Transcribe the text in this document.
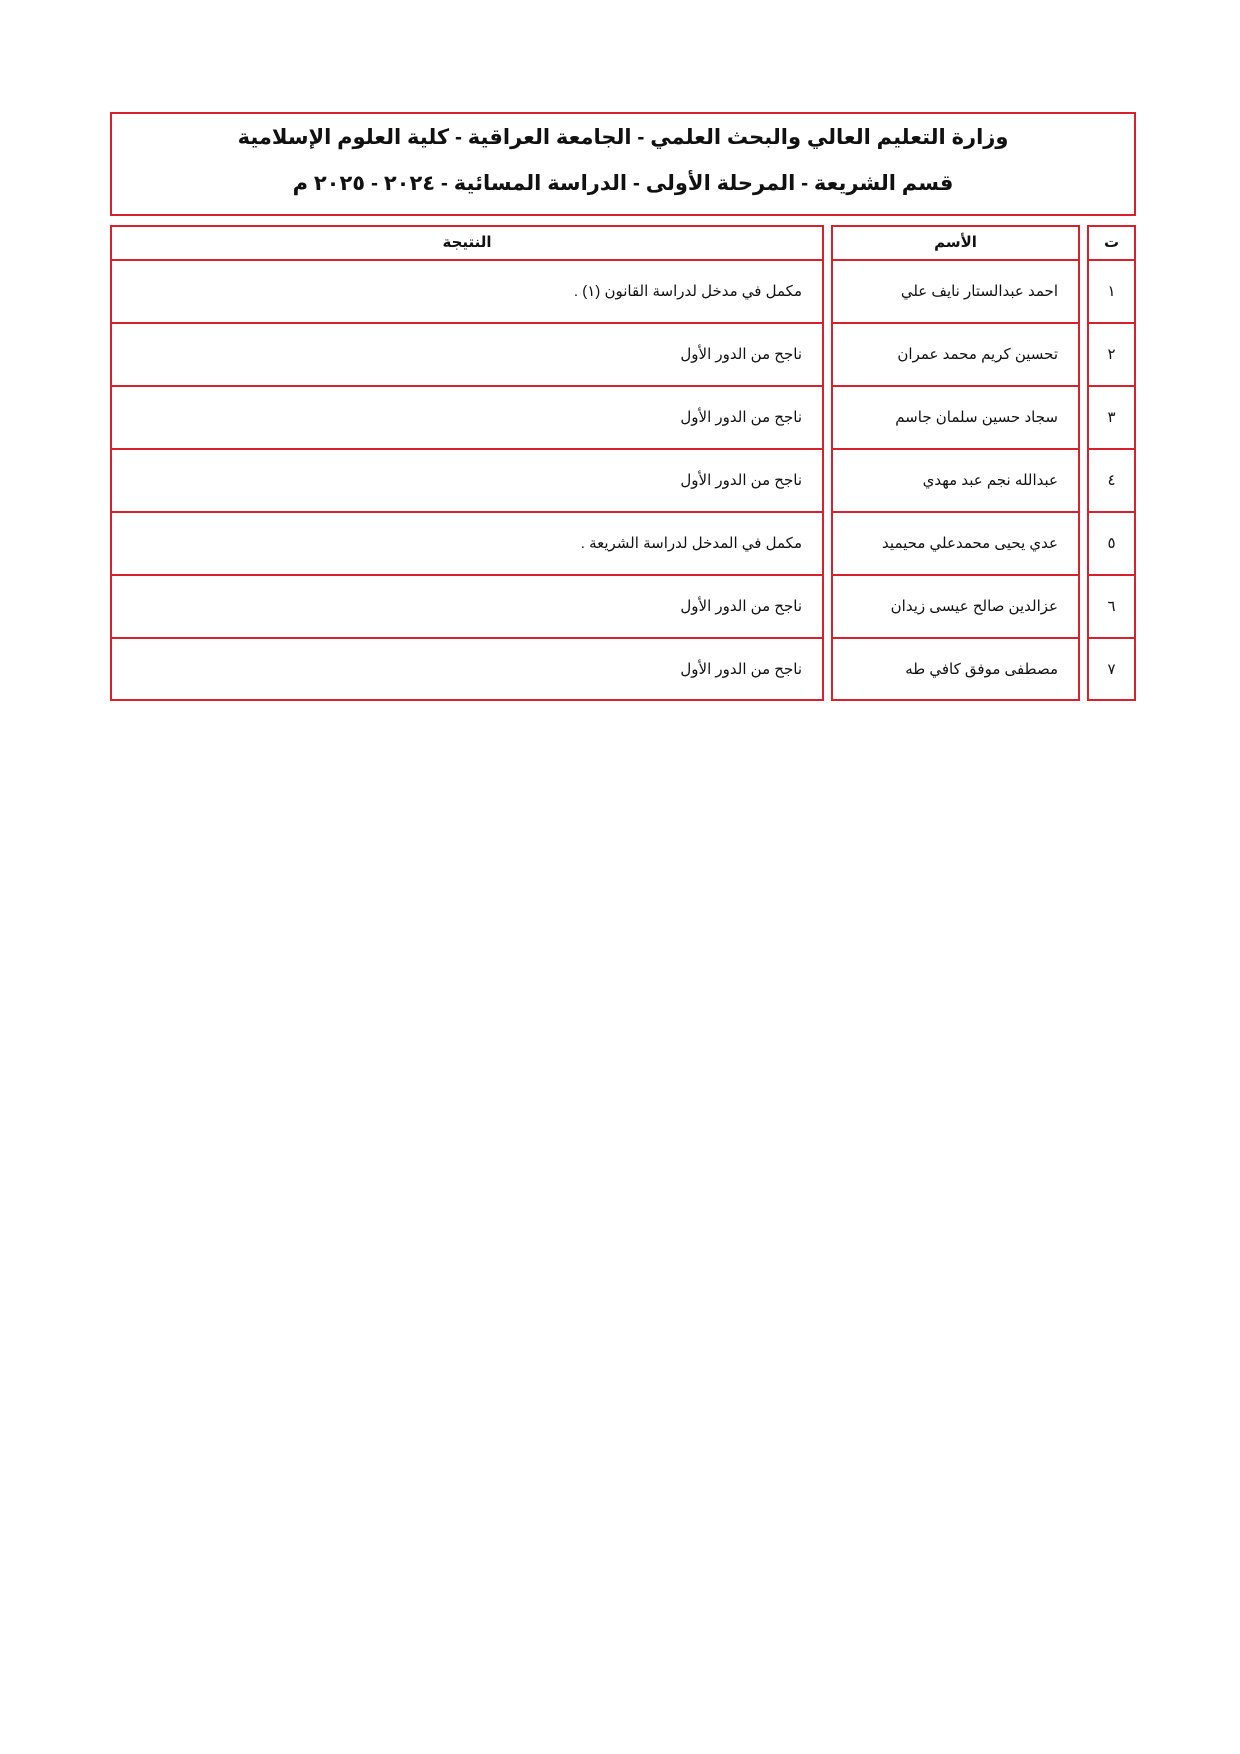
وزارة التعليم العالي والبحث العلمي - الجامعة العراقية - كلية العلوم الإسلامية
قسم الشريعة - المرحلة الأولى - الدراسة المسائية - ٢٠٢٤ - ٢٠٢٥ م
ت
١
٢
٣
٤
٥
٦
٧
الأسم
احمد عبدالستار نايف علي
تحسين كريم محمد عمران
سجاد حسين سلمان جاسم
عبدالله نجم عبد مهدي
عدي يحيى محمدعلي محيميد
عزالدين صالح عيسى زيدان
مصطفى موفق كافي طه
النتيجة
مكمل في مدخل لدراسة القانون (١) .
ناجح من الدور الأول
ناجح من الدور الأول
ناجح من الدور الأول
مكمل في المدخل لدراسة الشريعة .
ناجح من الدور الأول
ناجح من الدور الأول
